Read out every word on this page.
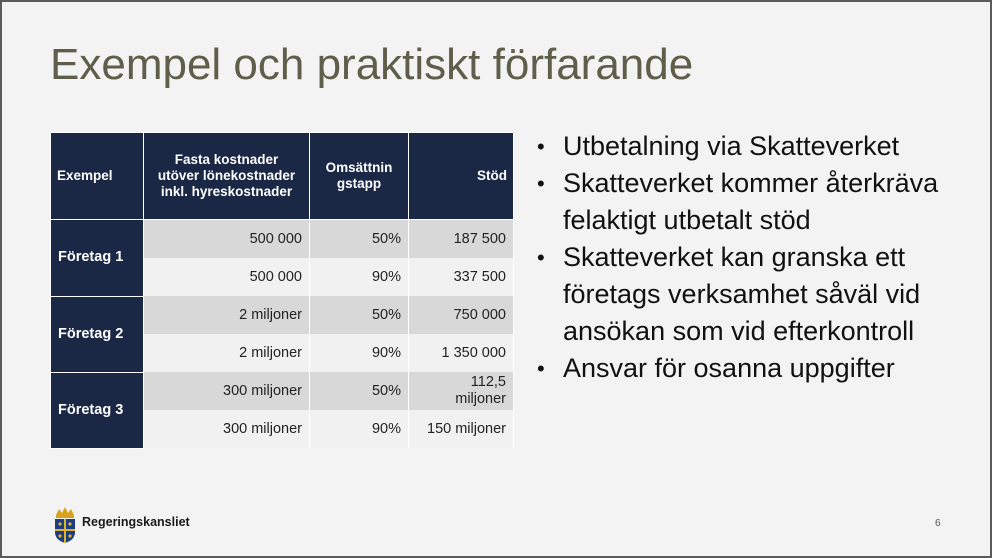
Exempel och praktiskt förfarande
Exempel	Fasta kostnader utöver lönekostnader inkl. hyreskostnader	Omsättnin gstapp	Stöd
Företag 1	500 000	50%	187 500
	500 000	90%	337 500
Företag 2	2 miljoner	50%	750 000
	2 miljoner	90%	1 350 000
Företag 3	300 miljoner	50%	112,5 miljoner
	300 miljoner	90%	150 miljoner
• Utbetalning via Skatteverket
• Skatteverket kommer återkräva felaktigt utbetalt stöd
• Skatteverket kan granska ett företags verksamhet såväl vid ansökan som vid efterkontroll
• Ansvar för osanna uppgifter
Regeringskansliet	6
